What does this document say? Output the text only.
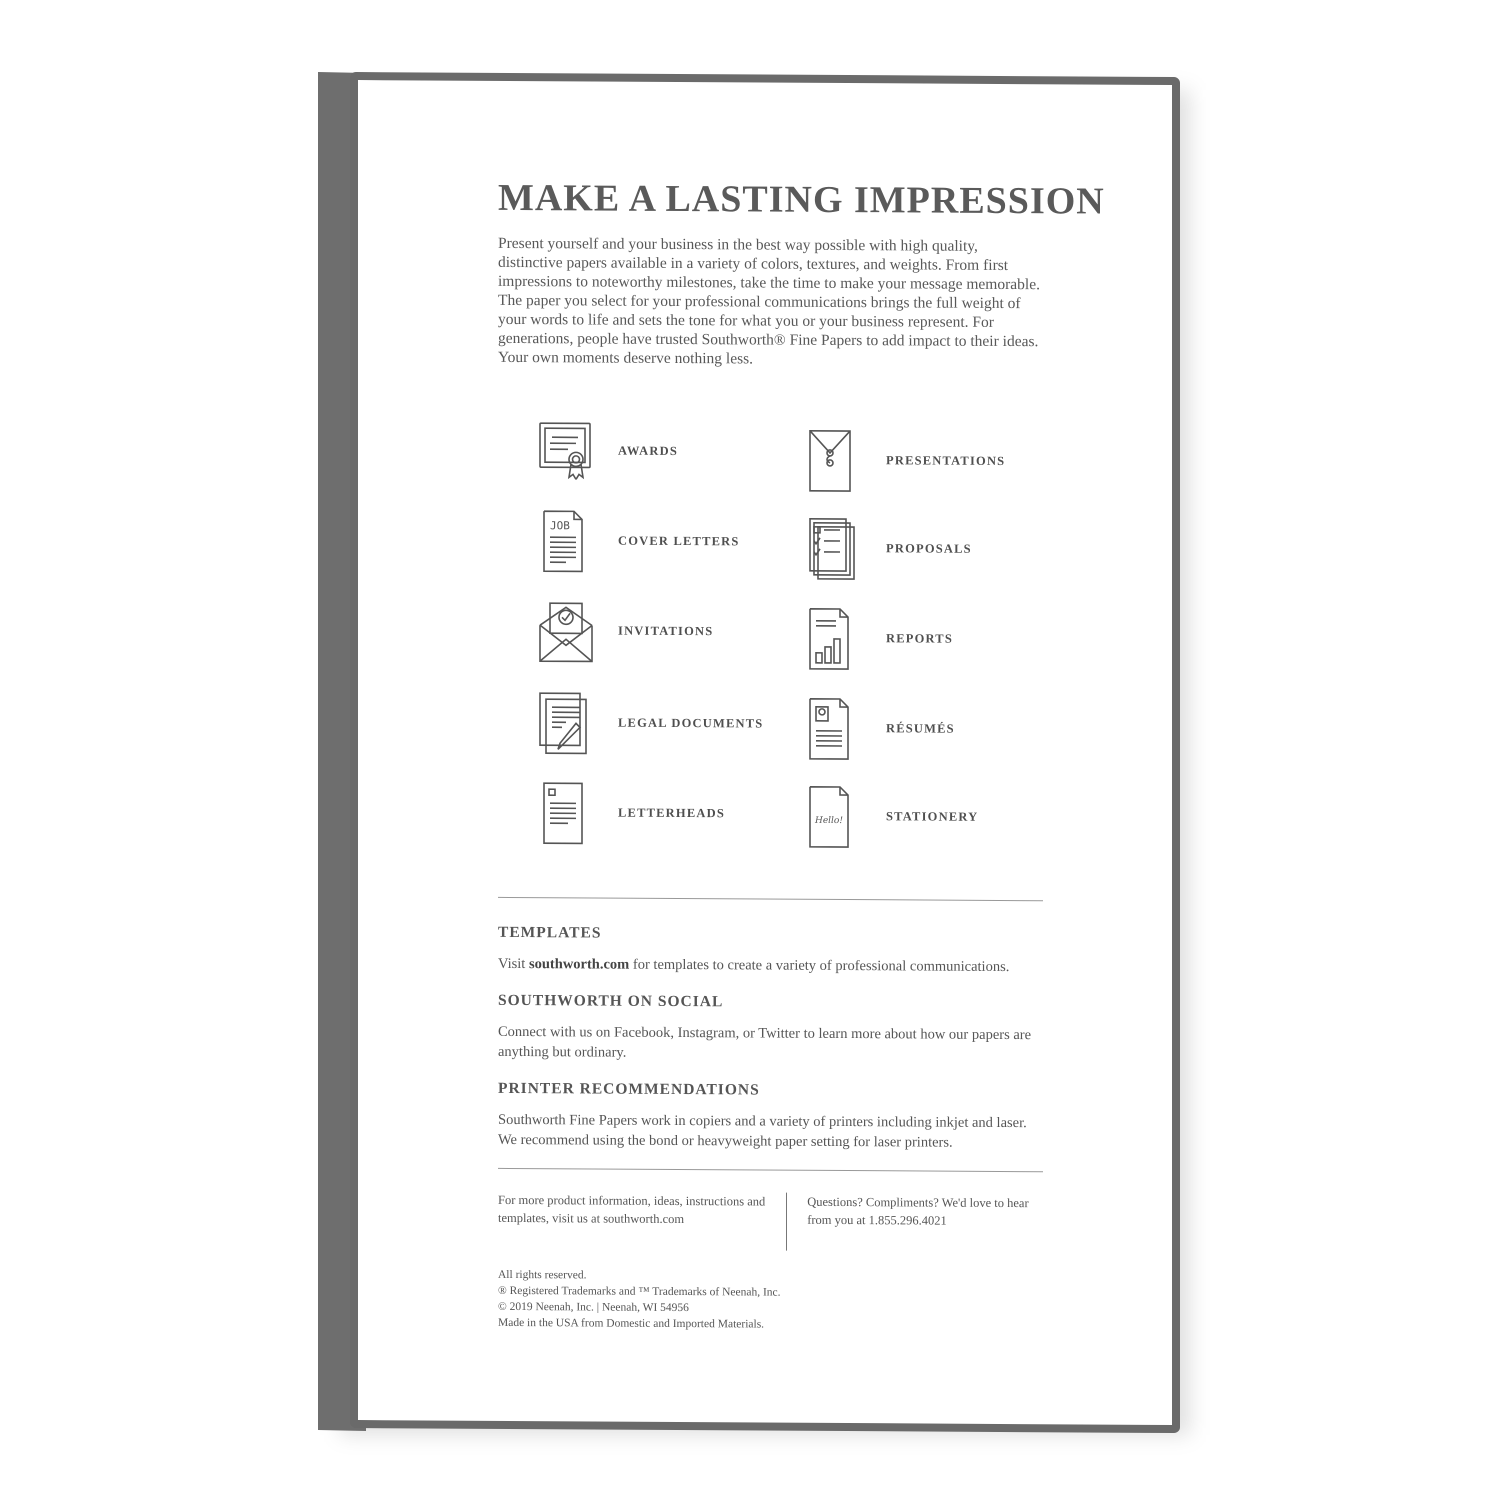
MAKE A LASTING IMPRESSION

Present yourself and your business in the best way possible with high quality, distinctive papers available in a variety of colors, textures, and weights. From first impressions to noteworthy milestones, take the time to make your message memorable. The paper you select for your professional communications brings the full weight of your words to life and sets the tone for what you or your business represent. For generations, people have trusted Southworth® Fine Papers to add impact to their ideas. Your own moments deserve nothing less.

AWARDS
JOB
COVER LETTERS
INVITATIONS
LEGAL DOCUMENTS
LETTERHEADS
PRESENTATIONS
PROPOSALS
REPORTS
RÉSUMÉS
Hello!	STATIONERY
TEMPLATES

Visit southworth.com for templates to create a variety of professional communications.

SOUTHWORTH ON SOCIAL

Connect with us on Facebook, Instagram, or Twitter to learn more about how our papers are anything but ordinary.

PRINTER RECOMMENDATIONS

Southworth Fine Papers work in copiers and a variety of printers including inkjet and laser. We recommend using the bond or heavyweight paper setting for laser printers.

For more product information, ideas, instructions and templates, visit us at southworth.com
Questions? Compliments? We'd love to hear from you at 1.855.296.4021
All rights reserved.
® Registered Trademarks and ™ Trademarks of Neenah, Inc.
© 2019 Neenah, Inc. | Neenah, WI 54956
Made in the USA from Domestic and Imported Materials.
